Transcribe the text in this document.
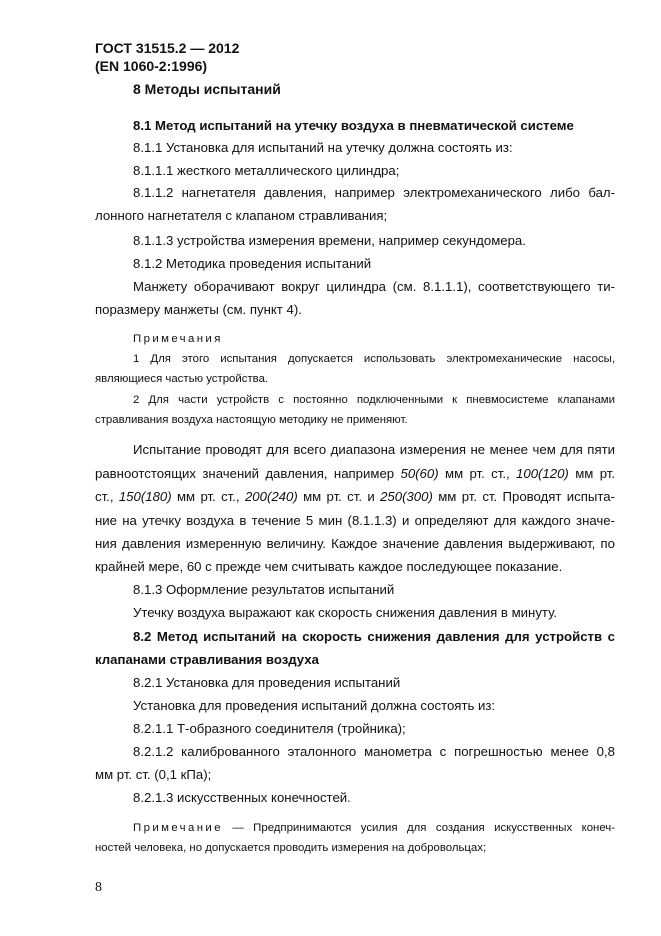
ГОСТ 31515.2 — 2012
(EN 1060-2:1996)
8 Методы испытаний
8.1 Метод испытаний на утечку воздуха в пневматической системе
8.1.1 Установка для испытаний на утечку должна состоять из:
8.1.1.1 жесткого металлического цилиндра;
8.1.1.2 нагнетателя давления, например электромеханического либо бал-
лонного нагнетателя с клапаном стравливания;
8.1.1.3 устройства измерения времени, например секундомера.
8.1.2 Методика проведения испытаний
Манжету оборачивают вокруг цилиндра (см. 8.1.1.1), соответствующего ти-
поразмеру манжеты (см. пункт 4).
Примечания
1 Для этого испытания допускается использовать электромеханические насосы,
являющиеся частью устройства.
2 Для части устройств с постоянно подключенными к пневмосистеме клапанами
стравливания воздуха настоящую методику не применяют.
Испытание проводят для всего диапазона измерения не менее чем для пяти
равноотстоящих значений давления, например 50(60) мм рт. ст., 100(120) мм рт.
ст., 150(180) мм рт. ст., 200(240) мм рт. ст. и 250(300) мм рт. ст. Проводят испыта-
ние на утечку воздуха в течение 5 мин (8.1.1.3) и определяют для каждого значе-
ния давления измеренную величину. Каждое значение давления выдерживают, по
крайней мере, 60 с прежде чем считывать каждое последующее показание.
8.1.3 Оформление результатов испытаний
Утечку воздуха выражают как скорость снижения давления в минуту.
8.2 Метод испытаний на скорость снижения давления для устройств с
клапанами стравливания воздуха
8.2.1 Установка для проведения испытаний
Установка для проведения испытаний должна состоять из:
8.2.1.1 Т-образного соединителя (тройника);
8.2.1.2 калиброванного эталонного манометра с погрешностью менее 0,8
мм рт. ст. (0,1 кПа);
8.2.1.3 искусственных конечностей.
Примечание — Предпринимаются усилия для создания искусственных конеч-
ностей человека, но допускается проводить измерения на добровольцах;
8
